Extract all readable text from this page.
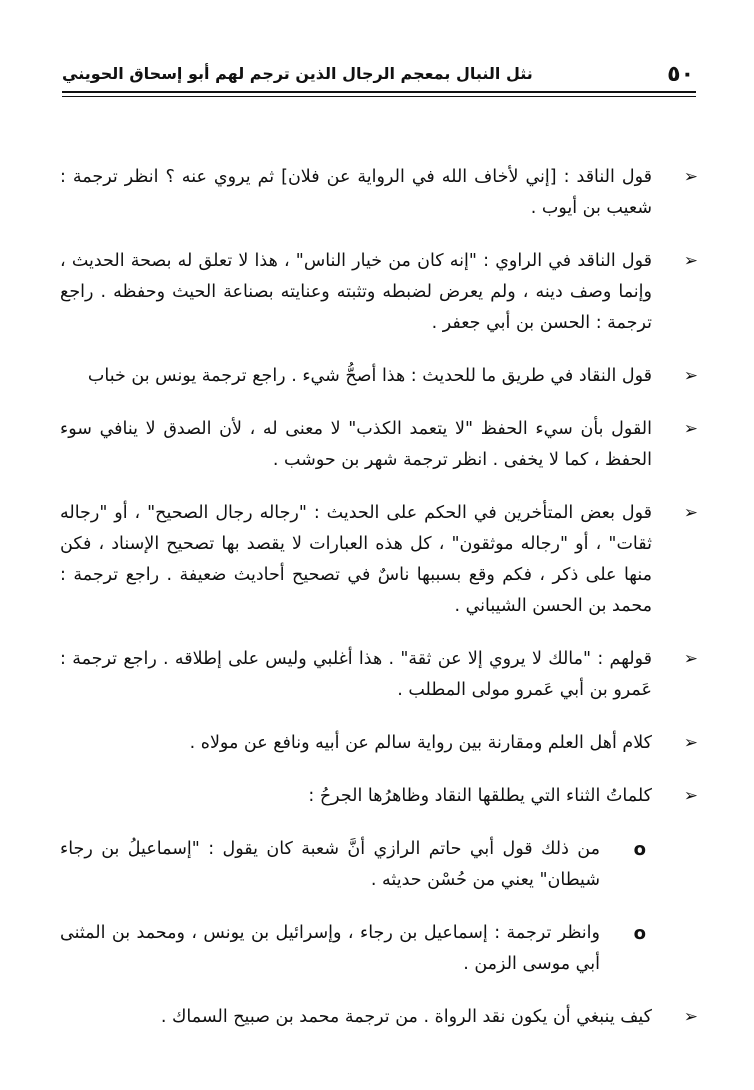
٥٠
نثل النبال بمعجم الرجال الذين ترجم لهم أبو إسحاق الحويني
➢
قول الناقد : [إني لأخاف الله في الرواية عن فلان] ثم يروي عنه ؟ انظر ترجمة : شعيب بن أيوب .
➢
قول الناقد في الراوي : "إنه كان من خيار الناس" ، هذا لا تعلق له بصحة الحديث ، وإنما وصف دينه ، ولم يعرض لضبطه وتثبته وعنايته بصناعة الحيث وحفظه . راجع ترجمة : الحسن بن أبي جعفر .
➢
قول النقاد في طريق ما للحديث : هذا أصحُّ شيء . راجع ترجمة يونس بن خباب
➢
القول بأن سيء الحفظ "لا يتعمد الكذب" لا معنى له ، لأن الصدق لا ينافي سوء الحفظ ، كما لا يخفى . انظر ترجمة شهر بن حوشب .
➢
قول بعض المتأخرين في الحكم على الحديث : "رجاله رجال الصحيح" ، أو "رجاله ثقات" ، أو "رجاله موثقون" ، كل هذه العبارات لا يقصد بها تصحيح الإسناد ، فكن منها على ذكر ، فكم وقع بسببها ناسٌ في تصحيح أحاديث ضعيفة . راجع ترجمة : محمد بن الحسن الشيباني .
➢
قولهم : "مالك لا يروي إلا عن ثقة" . هذا أغلبي وليس على إطلاقه . راجع ترجمة : عَمرو بن أبي عَمرو مولى المطلب .
➢
كلام أهل العلم ومقارنة بين رواية سالم عن أبيه ونافع عن مولاه .
➢
كلماتُ الثناء التي يطلقها النقاد وظاهرُها الجرحُ :
o
من ذلك قول أبي حاتم الرازي أنَّ شعبة كان يقول : "إسماعيلُ بن رجاء شيطان" يعني من حُسْن حديثه .
o
وانظر ترجمة : إسماعيل بن رجاء ، وإسرائيل بن يونس ، ومحمد بن المثنى أبي موسى الزمن .
➢
كيف ينبغي أن يكون نقد الرواة . من ترجمة محمد بن صبيح السماك .
